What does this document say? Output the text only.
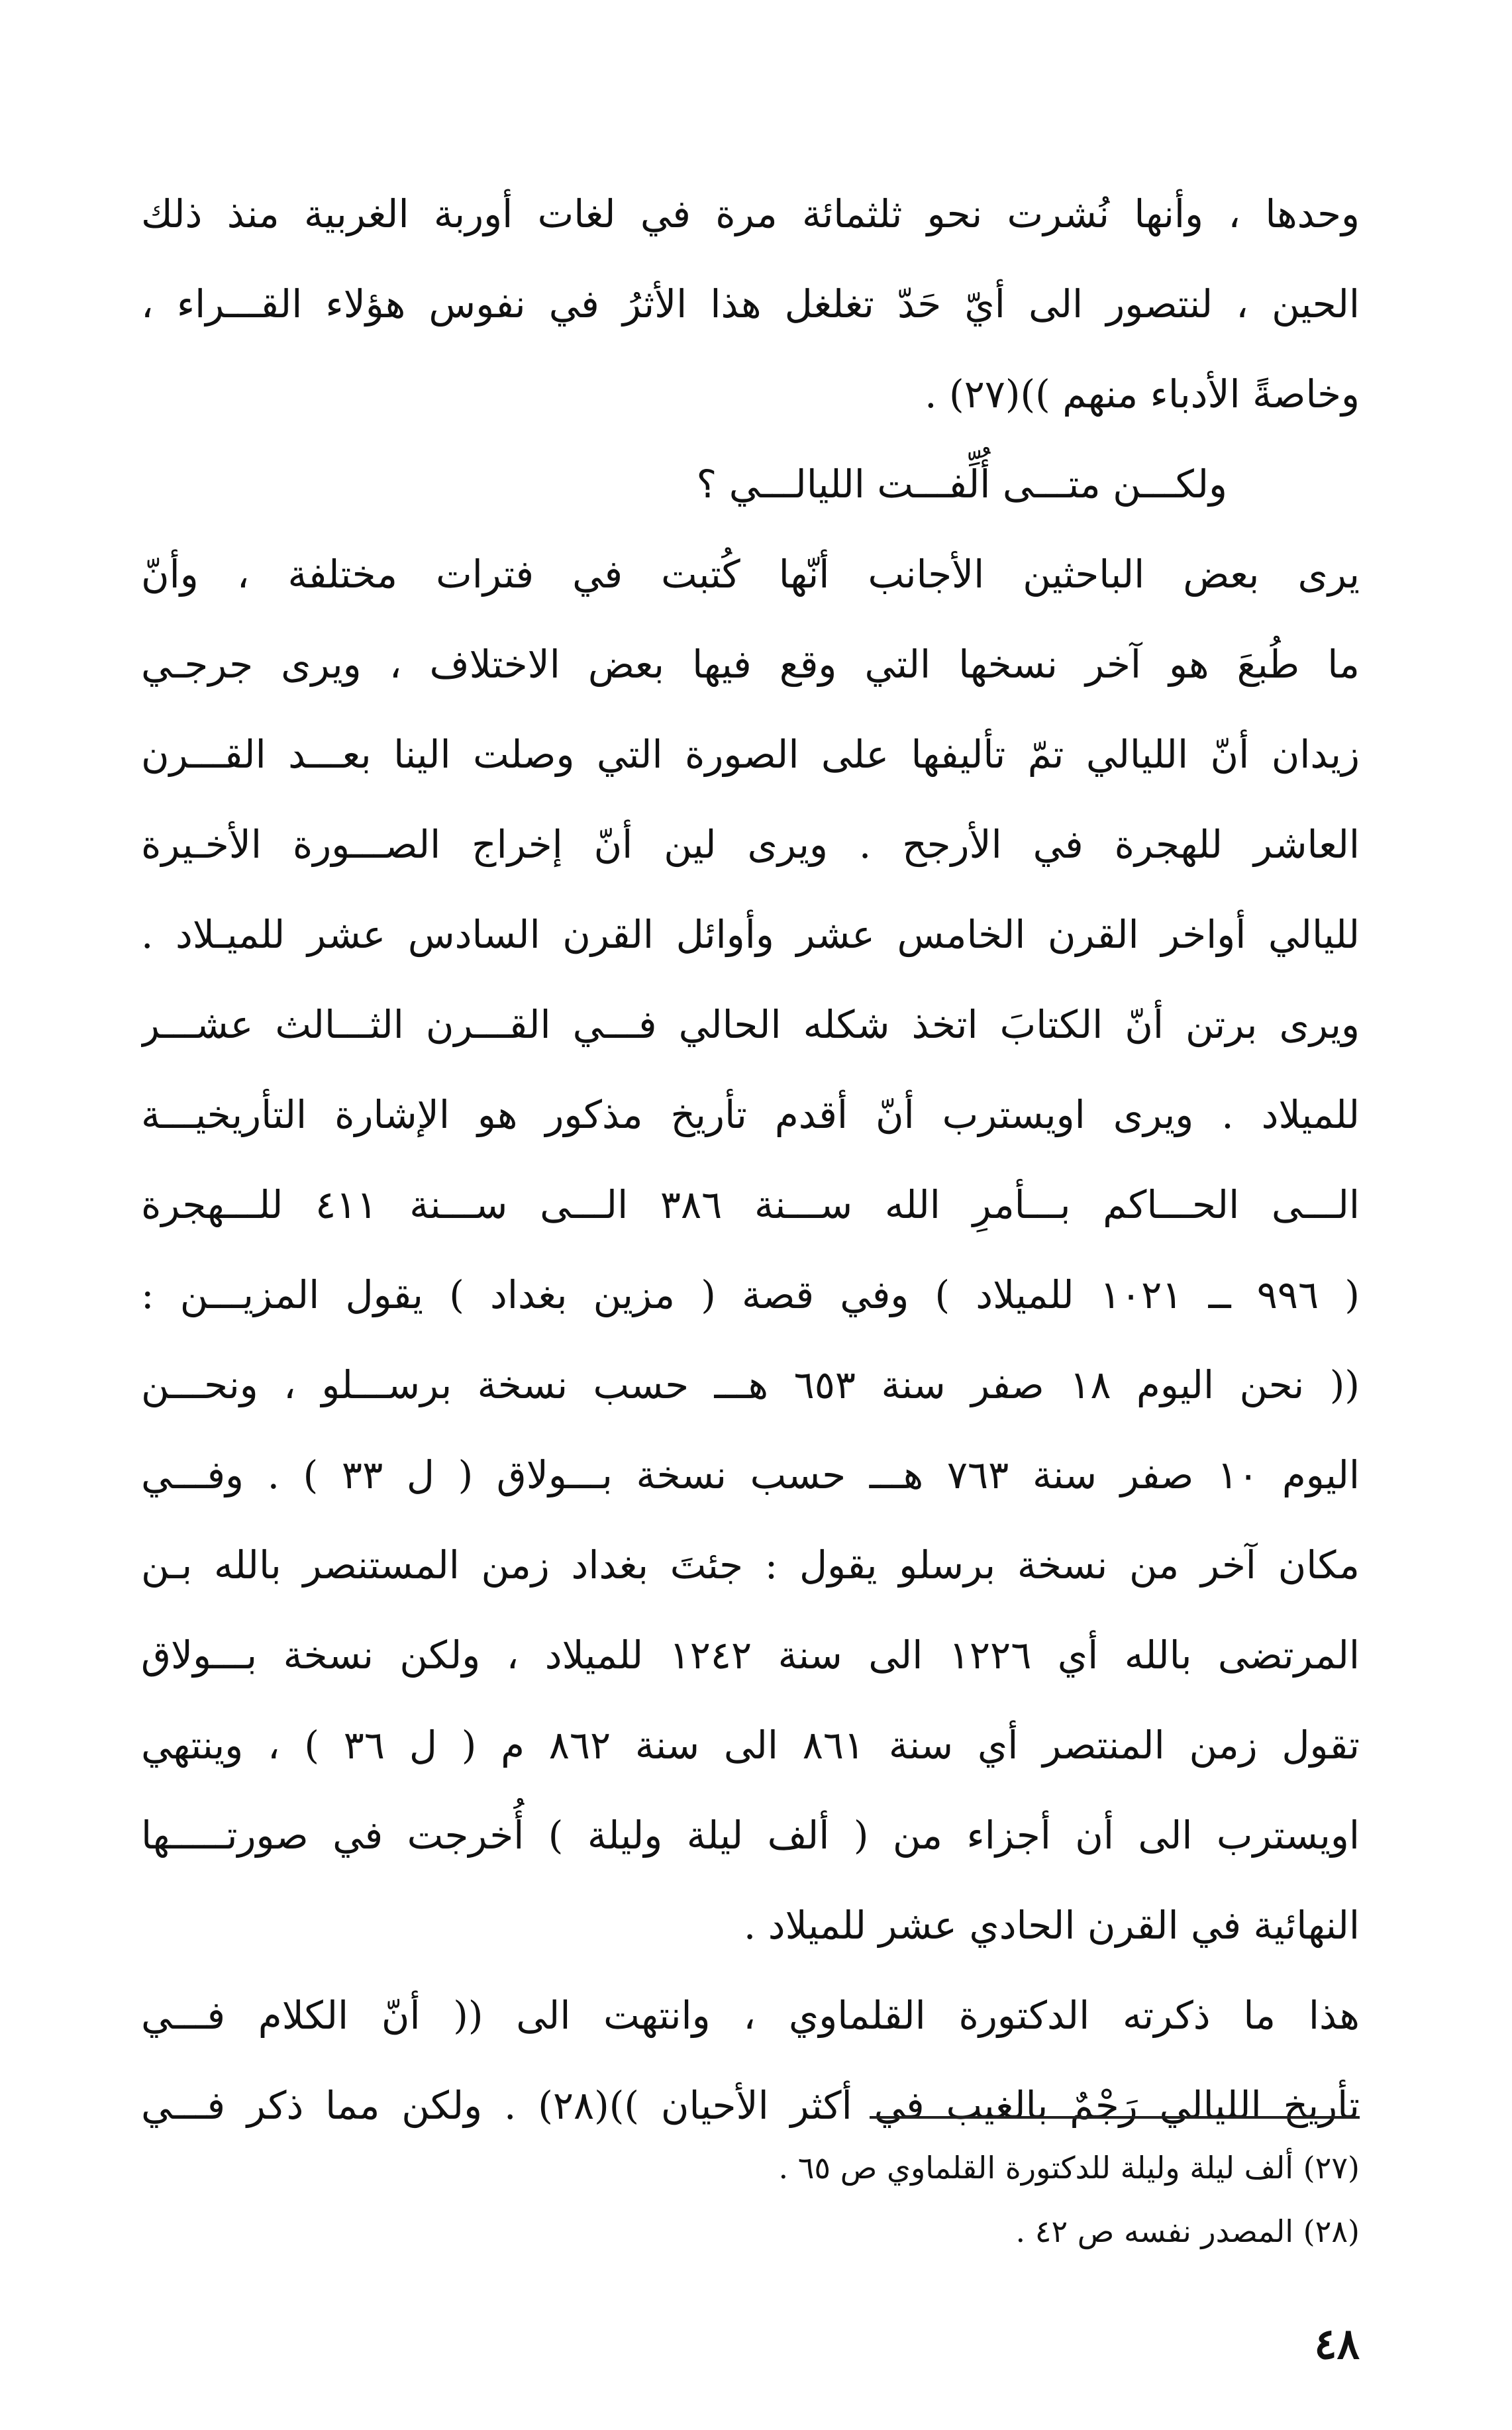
وحدها ، وأنها نُشرت نحو ثلثمائة مرة في لغات أوربة الغربية منذ ذلك
الحين ، لنتصور الى أيّ حَدّ تغلغل هذا الأثرُ في نفوس هؤلاء القـــراء ،
وخاصةً الأدباء منهم ))(٢٧) .
ولكـــن متـــى أُلِّفـــت الليالـــي ؟
يرى بعض الباحثين الأجانب أنّها كُتبت في فترات مختلفة ، وأنّ
ما طُبعَ هو آخر نسخها التي وقع فيها بعض الاختلاف ، ويرى جرجـي
زيدان أنّ الليالي تمّ تأليفها على الصورة التي وصلت الينا بعـــد القـــرن
العاشر للهجرة في الأرجح . ويرى لين أنّ إخراج الصـــورة الأخـيرة
لليالي أواخر القرن الخامس عشر وأوائل القرن السادس عشر للميـلاد .
ويرى برتن أنّ الكتابَ اتخذ شكله الحالي فـــي القـــرن الثـــالث عشـــر
للميلاد . ويرى اويسترب أنّ أقدم تأريخ مذكور هو الإشارة التأريخيـــة
الـــى الحـــاكم بـــأمرِ الله ســـنة ٣٨٦ الـــى ســـنة ٤١١ للـــهجرة
( ٩٩٦ ــ ١٠٢١ للميلاد ) وفي قصة ( مزين بغداد ) يقول المزيـــن :
(( نحن اليوم ١٨ صفر سنة ٦٥٣ هـــ حسب نسخة برســـلو ، ونحـــن
اليوم ١٠ صفر سنة ٧٦٣ هـــ حسب نسخة بـــولاق ( ل ٣٣ ) . وفـــي
مكان آخر من نسخة برسلو يقول : جئتَ بغداد زمن المستنصر بالله بـن
المرتضى بالله أي ١٢٢٦ الى سنة ١٢٤٢ للميلاد ، ولكن نسخة بـــولاق
تقول زمن المنتصر أي سنة ٨٦١ الى سنة ٨٦٢ م ( ل ٣٦ ) ، وينتهي
اويسترب الى أن أجزاء من ( ألف ليلة وليلة ) أُخرجت في صورتـــــها
النهائية في القرن الحادي عشر للميلاد .
هذا ما ذكرته الدكتورة القلماوي ، وانتهت الى (( أنّ الكلام فـــي
تأريخ الليالي رَجْمٌ بالغيب في أكثر الأحيان ))(٢٨) . ولكن مما ذكر فـــي
(٢٧) ألف ليلة وليلة للدكتورة القلماوي ص ٦٥ .
(٢٨) المصدر نفسه ص ٤٢ .
٤٨
